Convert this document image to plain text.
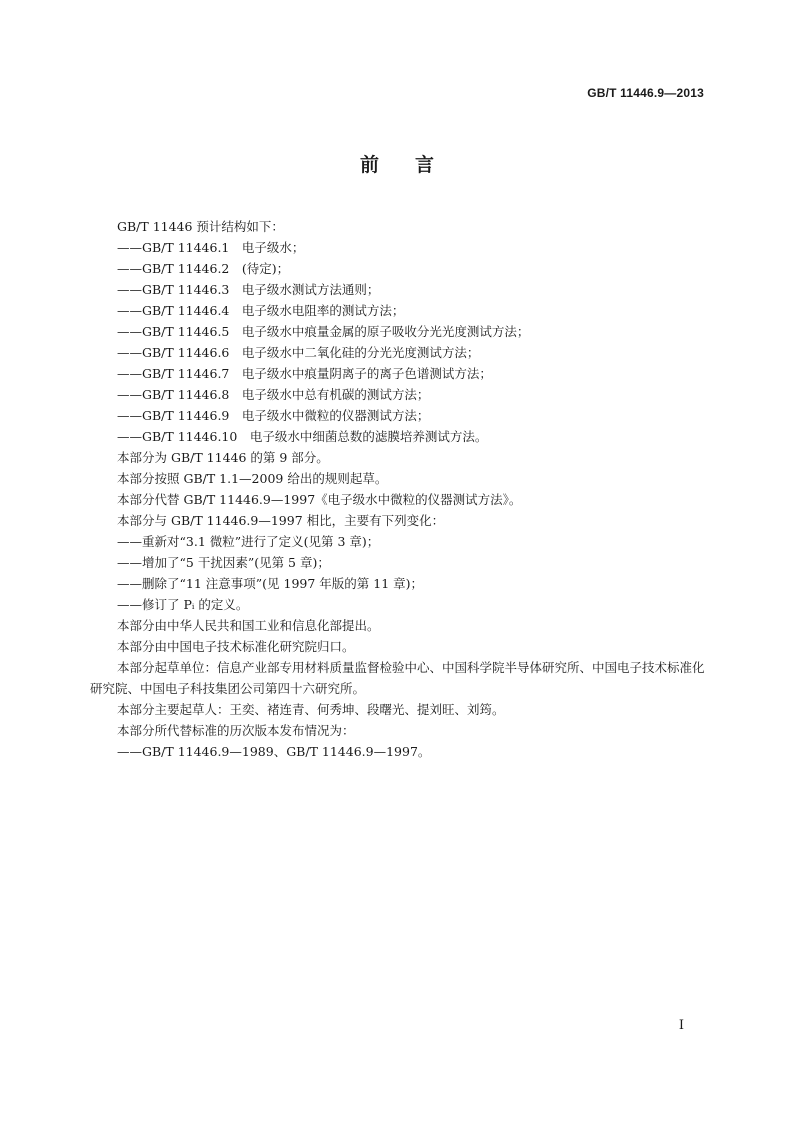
GB/T 11446.9—2013
前言
GB/T 11446 预计结构如下：
——GB/T 11446.1　电子级水；
——GB/T 11446.2　(待定)；
——GB/T 11446.3　电子级水测试方法通则；
——GB/T 11446.4　电子级水电阻率的测试方法；
——GB/T 11446.5　电子级水中痕量金属的原子吸收分光光度测试方法；
——GB/T 11446.6　电子级水中二氧化硅的分光光度测试方法；
——GB/T 11446.7　电子级水中痕量阴离子的离子色谱测试方法；
——GB/T 11446.8　电子级水中总有机碳的测试方法；
——GB/T 11446.9　电子级水中微粒的仪器测试方法；
——GB/T 11446.10　电子级水中细菌总数的滤膜培养测试方法。
本部分为 GB/T 11446 的第 9 部分。
本部分按照 GB/T 1.1—2009 给出的规则起草。
本部分代替 GB/T 11446.9—1997《电子级水中微粒的仪器测试方法》。
本部分与 GB/T 11446.9—1997 相比，主要有下列变化：
——重新对“3.1 微粒”进行了定义(见第 3 章)；
——增加了“5 干扰因素”(见第 5 章)；
——删除了“11 注意事项”(见 1997 年版的第 11 章)；
——修订了 Pᵢ 的定义。
本部分由中华人民共和国工业和信息化部提出。
本部分由中国电子技术标准化研究院归口。
本部分起草单位：信息产业部专用材料质量监督检验中心、中国科学院半导体研究所、中国电子技术标准化研究院、中国电子科技集团公司第四十六研究所。
本部分主要起草人：王奕、褚连青、何秀坤、段曙光、提刘旺、刘筠。
本部分所代替标准的历次版本发布情况为：
——GB/T 11446.9—1989、GB/T 11446.9—1997。
I
